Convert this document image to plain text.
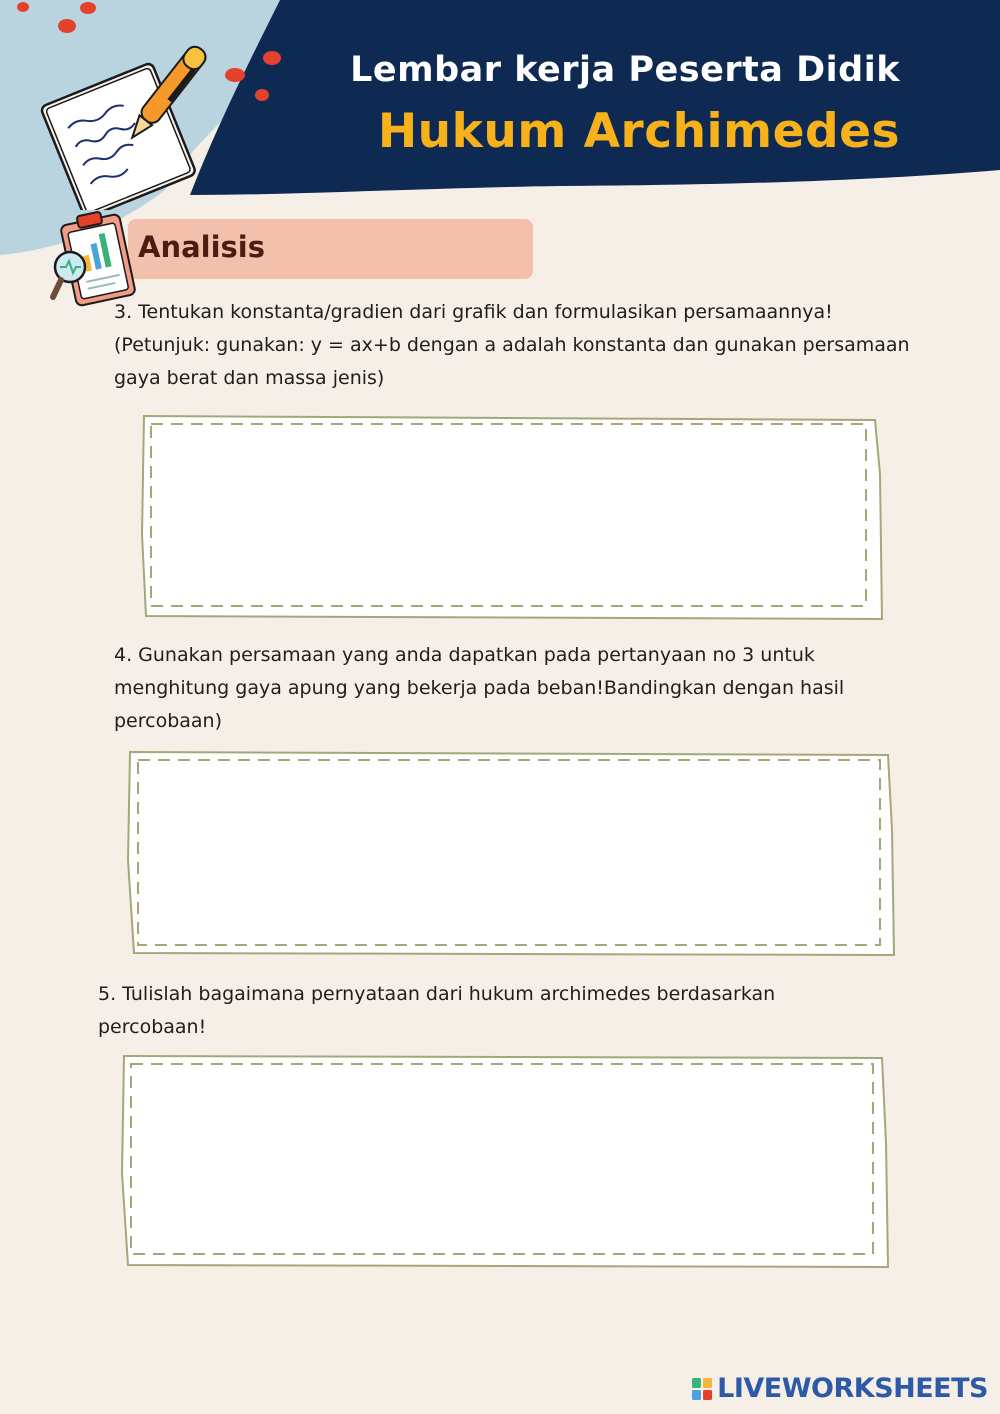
Analisis

3. Tentukan konstanta/gradien dari grafik dan formulasikan persamaannya!

(Petunjuk: gunakan: y = ax+b dengan a adalah konstanta dan gunakan persamaan

gaya berat dan massa jenis)

4. Gunakan persamaan yang anda dapatkan pada pertanyaan no 3 untuk

menghitung gaya apung yang bekerja pada beban!Bandingkan dengan hasil

percobaan)

5. Tulislah bagaimana pernyataan dari hukum archimedes berdasarkan

percobaan!

LIVEWORKSHEETS
Lembar kerja Peserta Didik
Hukum Archimedes
